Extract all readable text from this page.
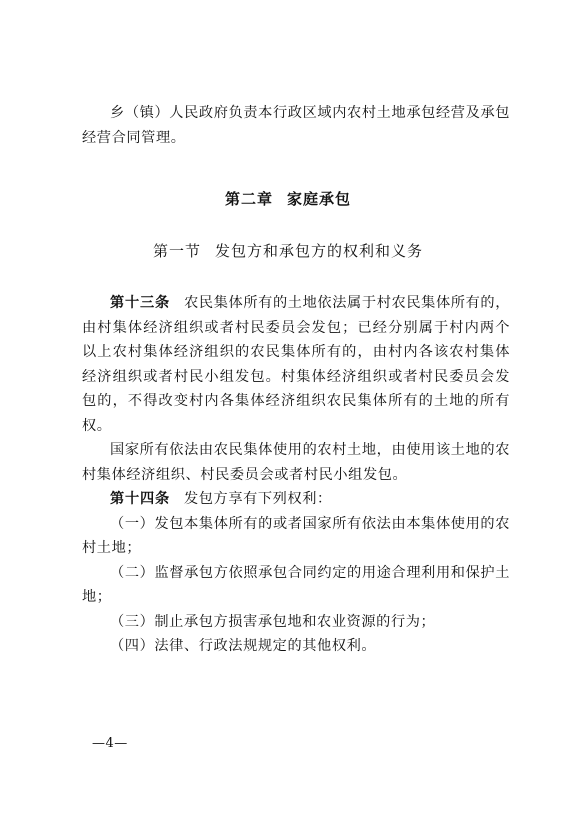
乡（镇）人民政府负责本行政区域内农村土地承包经营及承包经营合同管理。

第二章 家庭承包
第一节 发包方和承包方的权利和义务

第十三条 农民集体所有的土地依法属于村农民集体所有的，由村集体经济组织或者村民委员会发包；已经分别属于村内两个以上农村集体经济组织的农民集体所有的，由村内各该农村集体经济组织或者村民小组发包。村集体经济组织或者村民委员会发包的，不得改变村内各集体经济组织农民集体所有的土地的所有权。

国家所有依法由农民集体使用的农村土地，由使用该土地的农村集体经济组织、村民委员会或者村民小组发包。

第十四条 发包方享有下列权利：

（一）发包本集体所有的或者国家所有依法由本集体使用的农村土地；

（二）监督承包方依照承包合同约定的用途合理利用和保护土地；

（三）制止承包方损害承包地和农业资源的行为；

（四）法律、行政法规规定的其他权利。

—4—
